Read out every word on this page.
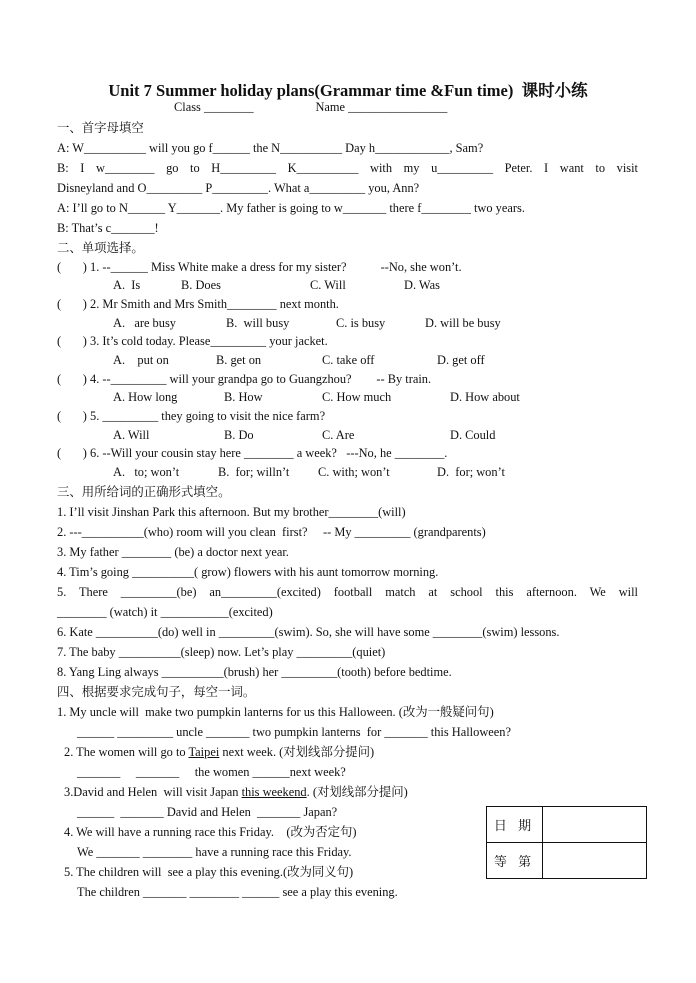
Unit 7 Summer holiday plans(Grammar time &Fun time)  课时小练
Class ________                    Name ________________
一、首字母填空
A: W__________ will you go f______ the N__________ Day h____________, Sam?
B: I w________ go to H_________ K__________ with my u_________ Peter. I want to visit
Disneyland and O_________ P_________. What a_________ you, Ann?
A: I’ll go to N______ Y_______. My father is going to w_______ there f________ two years.
B: That’s c_______!
二、单项选择。
(       ) 1. --______ Miss White make a dress for my sister?           --No, she won’t.
A.  Is	B. Does	C. Will	D. Was
(       ) 2. Mr Smith and Mrs Smith________ next month.
A.   are busy	B.  will busy	C. is busy	D. will be busy
(       ) 3. It’s cold today. Please_________ your jacket.
A.    put on	B. get on	C. take off	D. get off
(       ) 4. --_________ will your grandpa go to Guangzhou?        -- By train.
A. How long	B. How	C. How much	D. How about
(       ) 5. _________ they going to visit the nice farm?
A. Will	B. Do	C. Are	D. Could
(       ) 6. --Will your cousin stay here ________ a week?   ---No, he ________.
A.   to; won’t	B.  for; willn’t C. with; won’t	D.  for; won’t
三、用所给词的正确形式填空。
1. I’ll visit Jinshan Park this afternoon. But my brother________(will)
2. ---__________(who) room will you clean  first?     -- My _________ (grandparents)
3. My father ________ (be) a doctor next year.
4. Tim’s going __________( grow) flowers with his aunt tomorrow morning.
5. There _________(be) an_________(excited) football match at school this afternoon. We will
________ (watch) it ___________(excited)
6. Kate __________(do) well in _________(swim). So, she will have some ________(swim) lessons.
7. The baby __________(sleep) now. Let’s play _________(quiet)
8. Yang Ling always __________(brush) her _________(tooth) before bedtime.
四、根据要求完成句子，每空一词。
1. My uncle will  make two pumpkin lanterns for us this Halloween. (改为一般疑问句)
______ _________ uncle _______ two pumpkin lanterns  for _______ this Halloween?
2. The women will go to Taipei next week. (对划线部分提问)
_______     _______     the women ______next week?
3.David and Helen  will visit Japan this weekend. (对划线部分提问)
______  _______ David and Helen  _______ Japan?
4. We will have a running race this Friday.    (改为否定句)
We _______ ________ have a running race this Friday.
5. The children will  see a play this evening.(改为同义句)
The children _______ ________ ______ see a play this evening.
日 期	
等 第	
